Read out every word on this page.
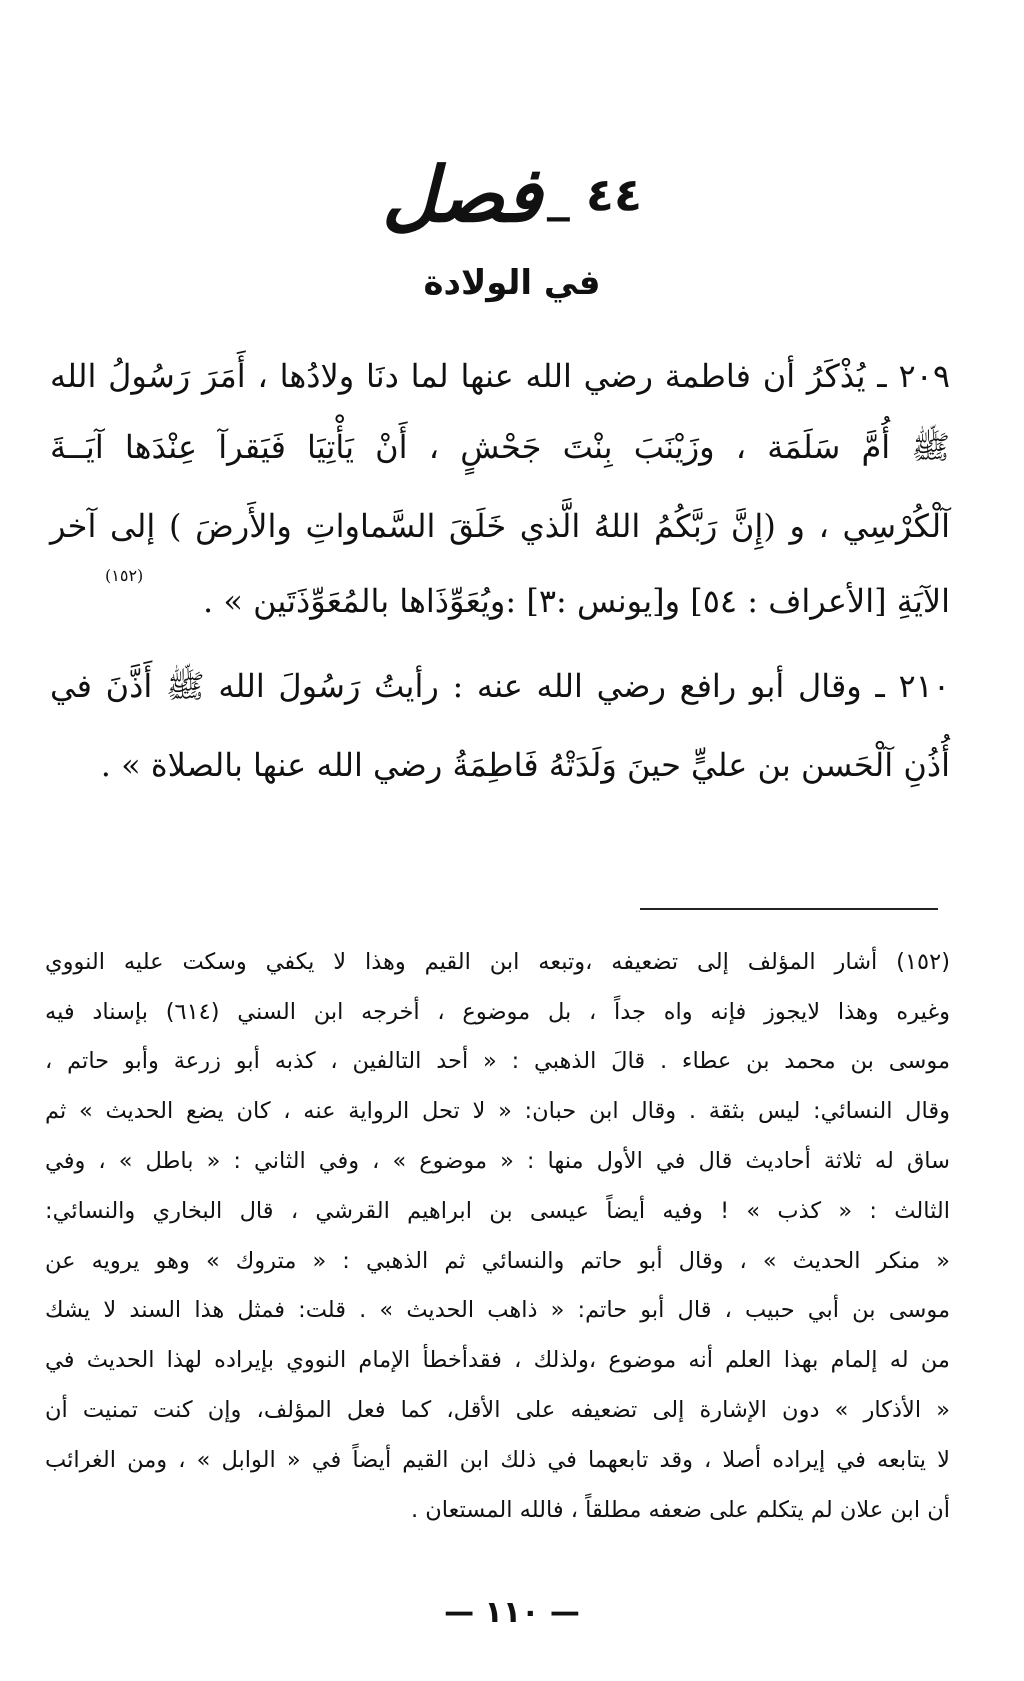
٤٤ _ فصل
في الولادة
٢٠٩ ـ يُذْكَرُ أن فاطمة رضي الله عنها لما دنَا ولادُها ، أَمَرَ رَسُولُ الله
ﷺ أُمَّ سَلَمَة ، وزَيْنَبَ بِنْتَ جَحْشٍ ، أَنْ يَأْتِيَا فَيَقرآ عِنْدَها آيَــةَ
آلْكُرْسِي ، و (إِنَّ رَبَّكُمُ اللهُ الَّذي خَلَقَ السَّماواتِ والأَرضَ ) إلى آخر
الآيَةِ [الأعراف : ٥٤] و[يونس :٣] :ويُعَوِّذَاها بالمُعَوِّذَتَين » .
(١٥٢)
٢١٠ ـ وقال أبو رافع رضي الله عنه : رأيتُ رَسُولَ الله ﷺ أَذَّنَ في
أُذُنِ آلْحَسن بن عليٍّ حينَ وَلَدَتْهُ فَاطِمَةُ رضي الله عنها بالصلاة » .
(١٥٢) أشار المؤلف إلى تضعيفه ،وتبعه ابن القيم وهذا لا يكفي وسكت عليه النووي
وغيره وهذا لايجوز فإنه واه جداً ، بل موضوع ، أخرجه ابن السني (٦١٤) بإسناد فيه
موسى بن محمد بن عطاء . قالَ الذهبي : « أحد التالفين ، كذبه أبو زرعة وأبو حاتم ،
وقال النسائي: ليس بثقة . وقال ابن حبان: « لا تحل الرواية عنه ، كان يضع الحديث » ثم
ساق له ثلاثة أحاديث قال في الأول منها : « موضوع » ، وفي الثاني : « باطل » ، وفي
الثالث : « كذب » ! وفيه أيضاً عيسى بن ابراهيم القرشي ، قال البخاري والنسائي:
« منكر الحديث » ، وقال أبو حاتم والنسائي ثم الذهبي : « متروك » وهو يرويه عن
موسى بن أبي حبيب ، قال أبو حاتم: « ذاهب الحديث » . قلت: فمثل هذا السند لا يشك
من له إلمام بهذا العلم أنه موضوع ،ولذلك ، فقدأخطأ الإمام النووي بإيراده لهذا الحديث في
« الأذكار » دون الإشارة إلى تضعيفه على الأقل، كما فعل المؤلف، وإن كنت تمنيت أن
لا يتابعه في إيراده أصلا ، وقد تابعهما في ذلك ابن القيم أيضاً في « الوابل » ، ومن الغرائب
أن ابن علان لم يتكلم على ضعفه مطلقاً ، فالله المستعان .
— ١١٠ —
